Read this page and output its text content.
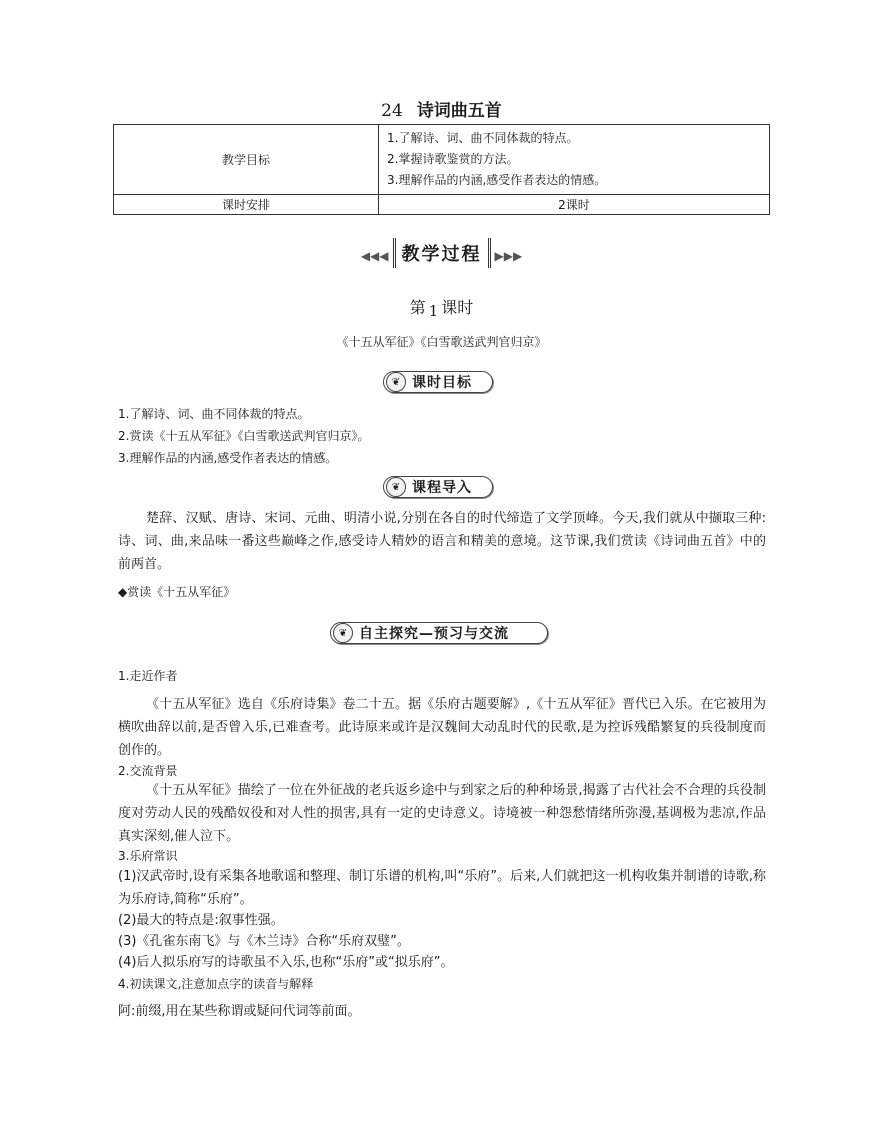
24 诗词曲五首
教学目标	1.了解诗、词、曲不同体裁的特点。
2.掌握诗歌鉴赏的方法。
3.理解作品的内涵,感受作者表达的情感。

课时安排	2课时
◀◀◀ 教学过程 ▶▶▶
第 1 课时
《十五从军征》《白雪歌送武判官归京》
❦ 课时目标
1.了解诗、词、曲不同体裁的特点。
2.赏读《十五从军征》《白雪歌送武判官归京》。
3.理解作品的内涵,感受作者表达的情感。
❦ 课程导入
楚辞、汉赋、唐诗、宋词、元曲、明清小说,分别在各自的时代缔造了文学顶峰。今天,我们就从中撷取三种:诗、词、曲,来品味一番这些巅峰之作,感受诗人精妙的语言和精美的意境。这节课,我们赏读《诗词曲五首》中的前两首。
◆赏读《十五从军征》
❦ 自主探究—预习与交流
1.走近作者
《十五从军征》选自《乐府诗集》卷二十五。据《乐府古题要解》,《十五从军征》晋代已入乐。在它被用为横吹曲辞以前,是否曾入乐,已难查考。此诗原来或许是汉魏间大动乱时代的民歌,是为控诉残酷繁复的兵役制度而创作的。
2.交流背景
《十五从军征》描绘了一位在外征战的老兵返乡途中与到家之后的种种场景,揭露了古代社会不合理的兵役制度对劳动人民的残酷奴役和对人性的损害,具有一定的史诗意义。诗境被一种怨愁情绪所弥漫,基调极为悲凉,作品真实深刻,催人泣下。
3.乐府常识
(1)汉武帝时,设有采集各地歌谣和整理、制订乐谱的机构,叫“乐府”。后来,人们就把这一机构收集并制谱的诗歌,称为乐府诗,简称“乐府”。
(2)最大的特点是:叙事性强。
(3)《孔雀东南飞》与《木兰诗》合称“乐府双璧”。
(4)后人拟乐府写的诗歌虽不入乐,也称“乐府”或“拟乐府”。
4.初读课文,注意加点字的读音与解释
阿:前缀,用在某些称谓或疑问代词等前面。
